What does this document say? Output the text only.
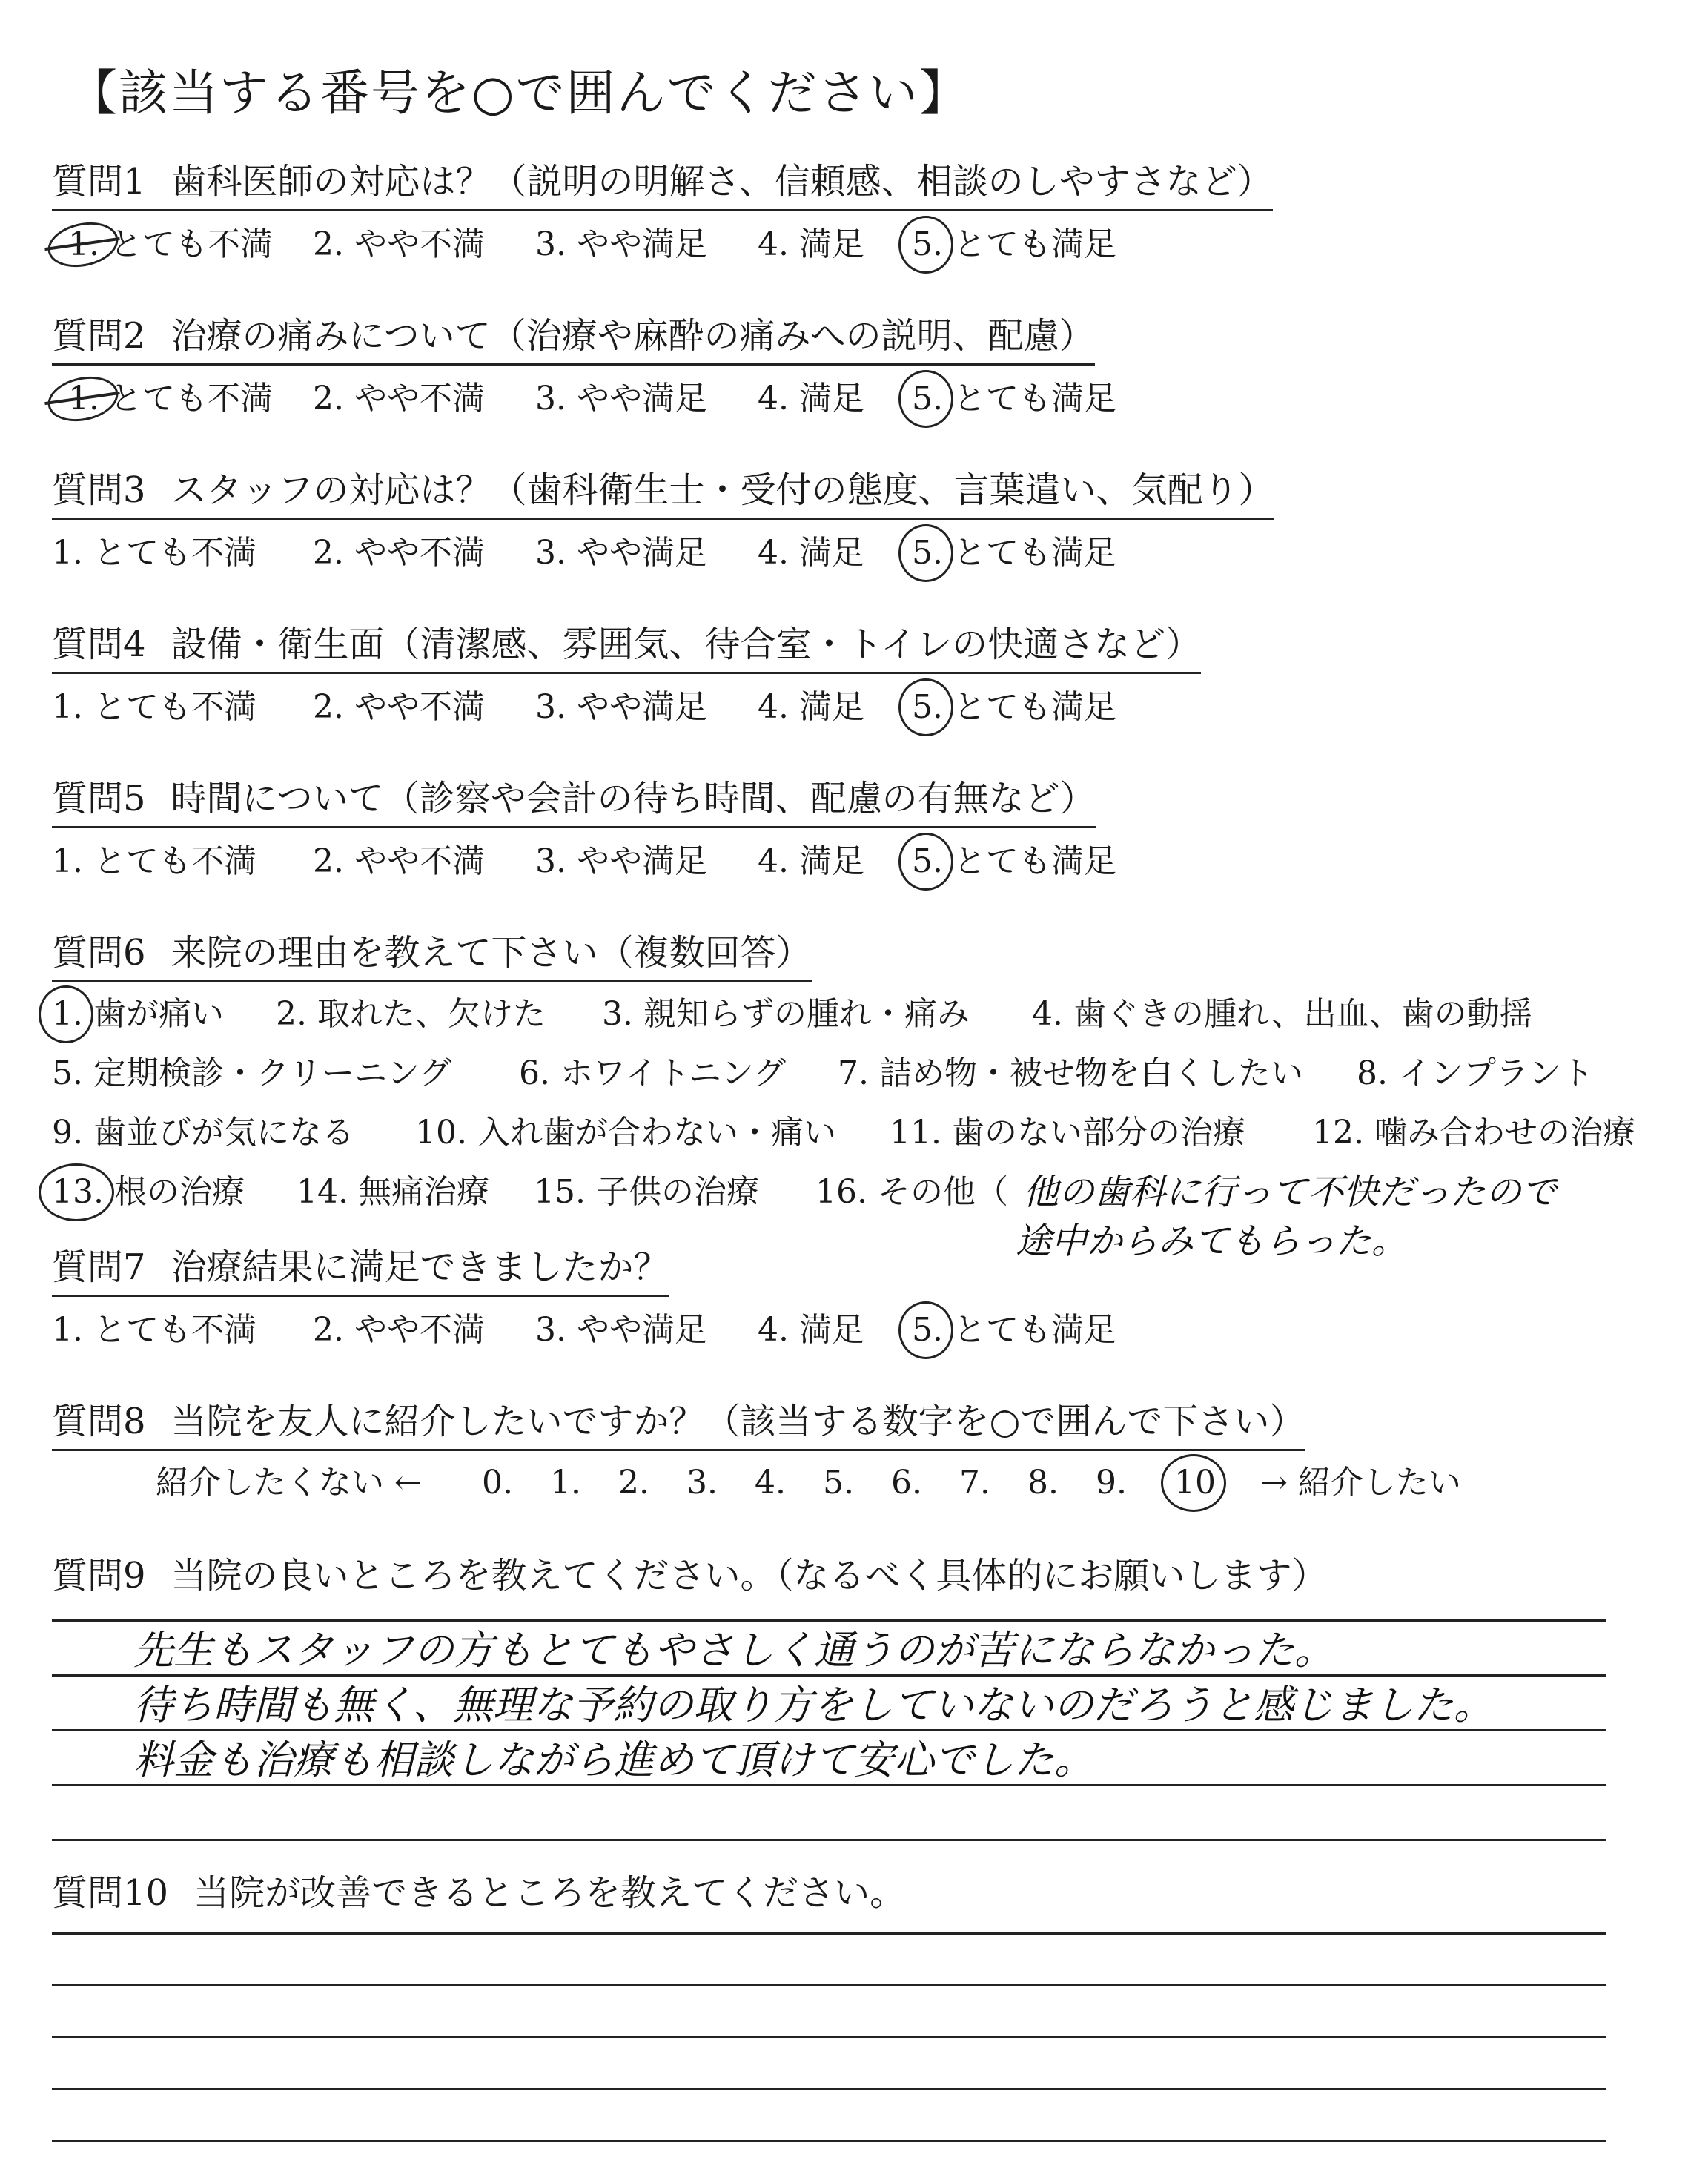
【該当する番号を○で囲んでください】
質問1 歯科医師の対応は？（説明の明解さ、信頼感、相談のしやすさなど）
1. とても不満 2. やや不満 3. やや満足 4. 満足 5. とても満足
質問2 治療の痛みについて（治療や麻酔の痛みへの説明、配慮）
1. とても不満 2. やや不満 3. やや満足 4. 満足 5. とても満足
質問3 スタッフの対応は？（歯科衛生士・受付の態度、言葉遣い、気配り）
1. とても不満 2. やや不満 3. やや満足 4. 満足 5. とても満足
質問4 設備・衛生面（清潔感、雰囲気、待合室・トイレの快適さなど）
1. とても不満 2. やや不満 3. やや満足 4. 満足 5. とても満足
質問5 時間について（診察や会計の待ち時間、配慮の有無など）
1. とても不満 2. やや不満 3. やや満足 4. 満足 5. とても満足
質問6 来院の理由を教えて下さい（複数回答）
1. 歯が痛い 2. 取れた、欠けた 3. 親知らずの腫れ・痛み 4. 歯ぐきの腫れ、出血、歯の動揺
5. 定期検診・クリーニング 6. ホワイトニング 7. 詰め物・被せ物を白くしたい 8. インプラント
9. 歯並びが気になる 10. 入れ歯が合わない・痛い 11. 歯のない部分の治療 12. 噛み合わせの治療
13. 根の治療 14. 無痛治療 15. 子供の治療 16. その他（ 他の歯科に行って不快だったので
途中からみてもらった。
質問7 治療結果に満足できましたか？
1. とても不満 2. やや不満 3. やや満足 4. 満足 5. とても満足
質問8 当院を友人に紹介したいですか？（該当する数字を○で囲んで下さい）
紹介したくない ← 0. 1. 2. 3. 4. 5. 6. 7. 8. 9. 10 → 紹介したい
質問9 当院の良いところを教えてください。（なるべく具体的にお願いします）
先生もスタッフの方もとてもやさしく通うのが苦にならなかった。
待ち時間も無く、無理な予約の取り方をしていないのだろうと感じました。
料金も治療も相談しながら進めて頂けて安心でした。
質問10 当院が改善できるところを教えてください。
